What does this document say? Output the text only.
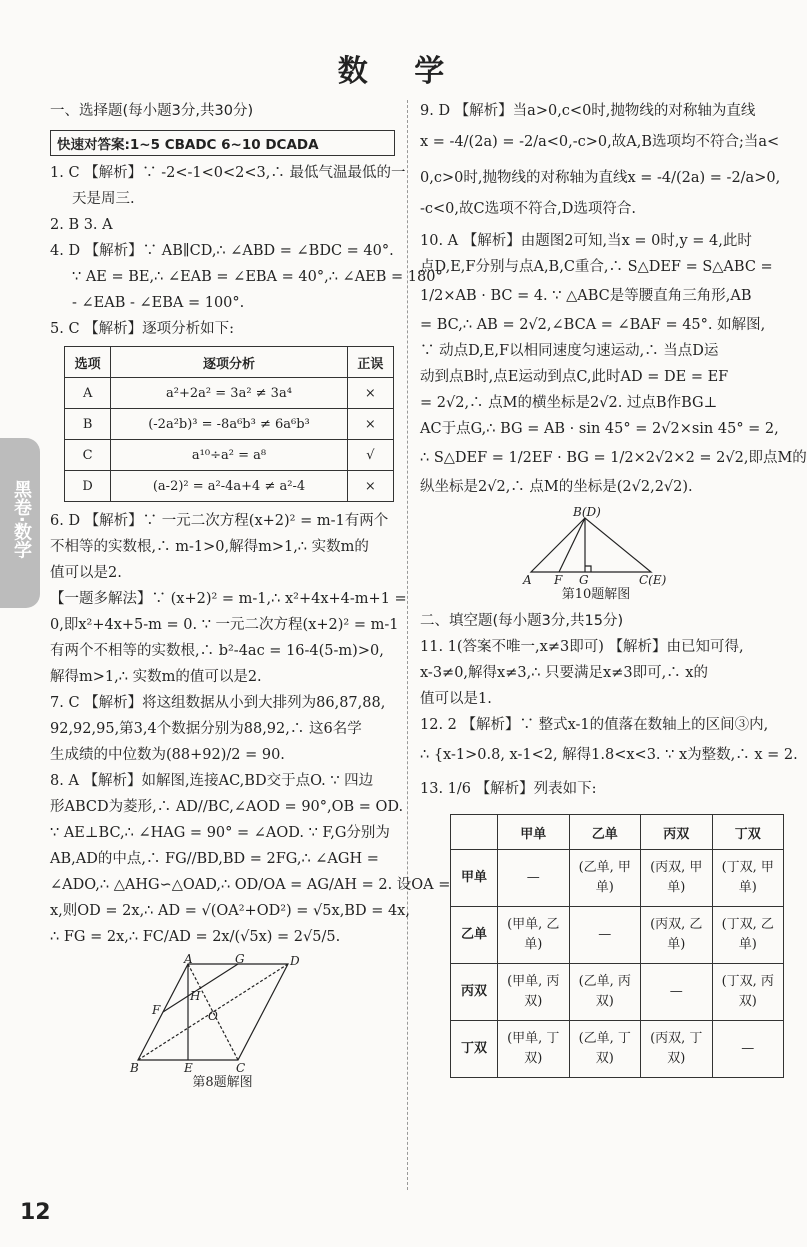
数 学
黑卷·数学
一、选择题(每小题3分,共30分)
快速对答案:1~5 CBADC 6~10 DCADA
1. C 【解析】∵ -2<-1<0<2<3,∴ 最低气温最低的一
天是周三.
2. B 3. A
4. D 【解析】∵ AB∥CD,∴ ∠ABD = ∠BDC = 40°.
∵ AE = BE,∴ ∠EAB = ∠EBA = 40°,∴ ∠AEB = 180°
- ∠EAB - ∠EBA = 100°.
5. C 【解析】逐项分析如下:
选项	逐项分析	正误
A	a²+2a² = 3a² ≠ 3a⁴	×
B	(-2a²b)³ = -8a⁶b³ ≠ 6a⁶b³	×
C	a¹⁰÷a² = a⁸	√
D	(a-2)² = a²-4a+4 ≠ a²-4	×
6. D 【解析】∵ 一元二次方程(x+2)² = m-1有两个
不相等的实数根,∴ m-1>0,解得m>1,∴ 实数m的
值可以是2.
【一题多解法】∵ (x+2)² = m-1,∴ x²+4x+4-m+1 =
0,即x²+4x+5-m = 0. ∵ 一元二次方程(x+2)² = m-1
有两个不相等的实数根,∴ b²-4ac = 16-4(5-m)>0,
解得m>1,∴ 实数m的值可以是2.
7. C 【解析】将这组数据从小到大排列为86,87,88,
92,92,95,第3,4个数据分别为88,92,∴ 这6名学
生成绩的中位数为(88+92)/2 = 90.
8. A 【解析】如解图,连接AC,BD交于点O. ∵ 四边
形ABCD为菱形,∴ AD//BC,∠AOD = 90°,OB = OD.
∵ AE⊥BC,∴ ∠HAG = 90° = ∠AOD. ∵ F,G分别为
AB,AD的中点,∴ FG//BD,BD = 2FG,∴ ∠AGH =
∠ADO,∴ △AHG∽△OAD,∴ OD/OA = AG/AH = 2. 设OA =
x,则OD = 2x,∴ AD = √(OA²+OD²) = √5x,BD = 4x,
∴ FG = 2x,∴ FC/AD = 2x/(√5x) = 2√5/5.
A	G	D
F
H
O
B	E	C
第8题解图
9. D 【解析】当a>0,c<0时,抛物线的对称轴为直线
x = -4/(2a) = -2/a<0,-c>0,故A,B选项均不符合;当a<
0,c>0时,抛物线的对称轴为直线x = -4/(2a) = -2/a>0,
-c<0,故C选项不符合,D选项符合.
10. A 【解析】由题图2可知,当x = 0时,y = 4,此时
点D,E,F分别与点A,B,C重合,∴ S△DEF = S△ABC =
1/2×AB · BC = 4. ∵ △ABC是等腰直角三角形,AB
= BC,∴ AB = 2√2,∠BCA = ∠BAF = 45°. 如解图,
∵ 动点D,E,F以相同速度匀速运动,∴ 当点D运
动到点B时,点E运动到点C,此时AD = DE = EF
= 2√2,∴ 点M的横坐标是2√2. 过点B作BG⊥
AC于点G,∴ BG = AB · sin 45° = 2√2×sin 45° = 2,
∴ S△DEF = 1/2EF · BG = 1/2×2√2×2 = 2√2,即点M的
纵坐标是2√2,∴ 点M的坐标是(2√2,2√2).
B(D)
A F G	C(E)
第10题解图
二、填空题(每小题3分,共15分)
11. 1(答案不唯一,x≠3即可) 【解析】由已知可得,
x-3≠0,解得x≠3,∴ 只要满足x≠3即可,∴ x的
值可以是1.
12. 2 【解析】∵ 整式x-1的值落在数轴上的区间③内,
∴ {x-1>0.8, x-1<2, 解得1.8<x<3. ∵ x为整数,∴ x = 2.
13. 1/6 【解析】列表如下:
	甲单	乙单	丙双	丁双
甲单	—	(乙单, 甲单)	(丙双, 甲单)	(丁双, 甲单)
乙单	(甲单, 乙单)	—	(丙双, 乙单)	(丁双, 乙单)
丙双	(甲单, 丙双)	(乙单, 丙双)	—	(丁双, 丙双)
丁双	(甲单, 丁双)	(乙单, 丁双)	(丙双, 丁双)	—
12
